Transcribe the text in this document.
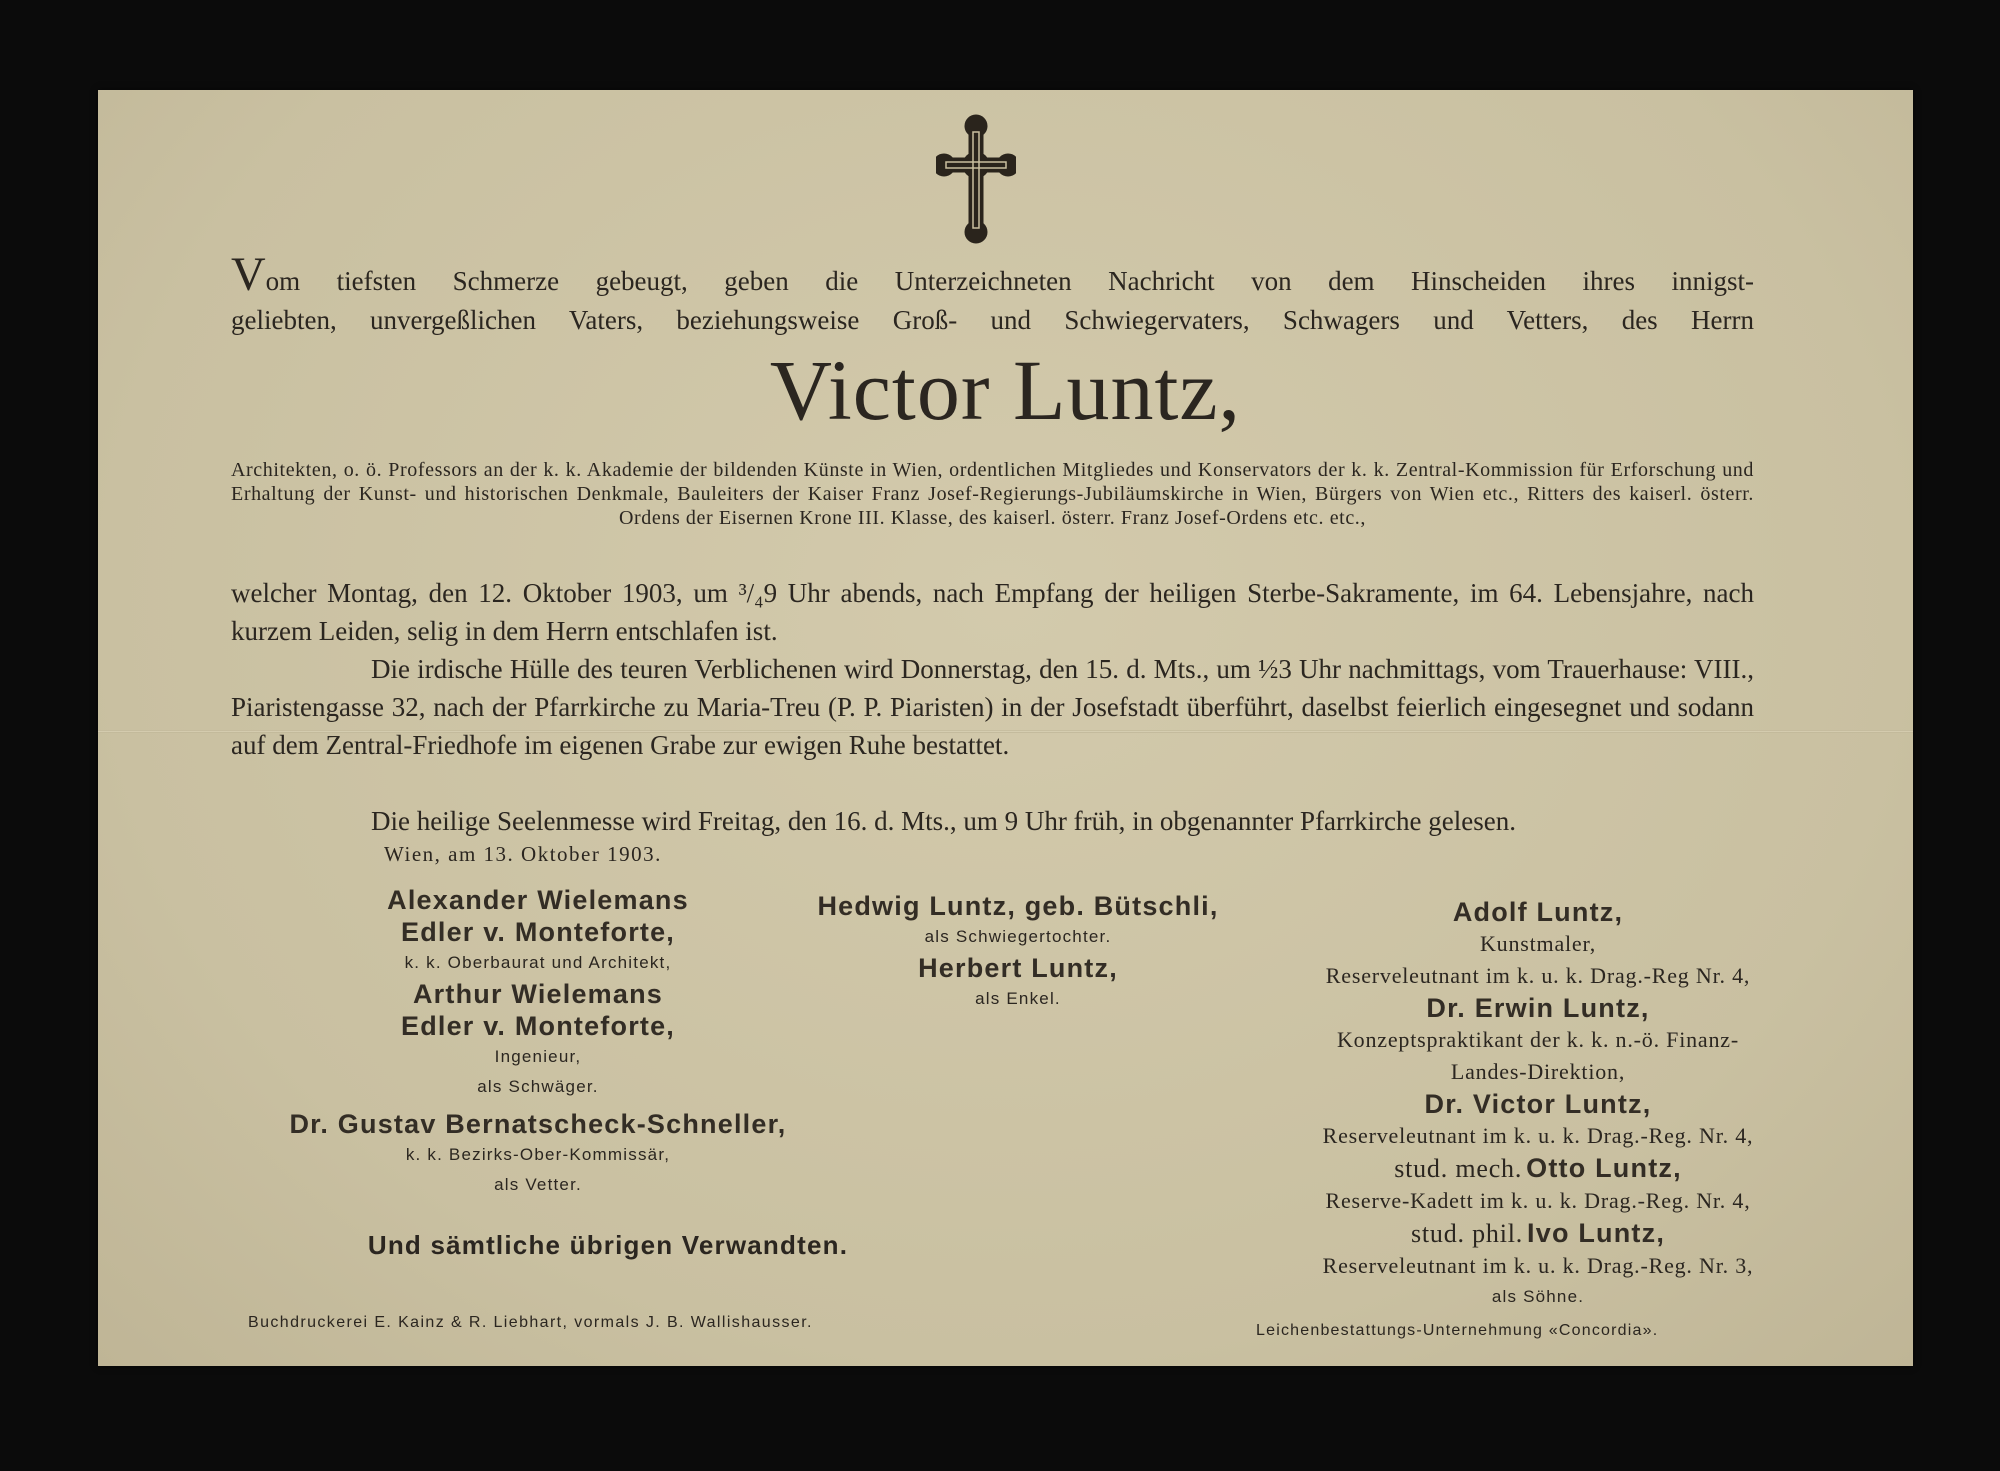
Vom tiefsten Schmerze gebeugt, geben die Unterzeichneten Nachricht von dem Hinscheiden ihres innigst-
geliebten, unvergeßlichen Vaters, beziehungsweise Groß- und Schwiegervaters, Schwagers und Vetters, des Herrn
Victor Luntz,
Architekten, o. ö. Professors an der k. k. Akademie der bildenden Künste in Wien, ordentlichen Mitgliedes und Konservators der k. k. Zentral-Kommission für Erforschung und Erhaltung der Kunst- und historischen Denkmale, Bauleiters der Kaiser Franz Josef-Regierungs-Jubiläumskirche in Wien, Bürgers von Wien etc., Ritters des kaiserl. österr. Ordens der Eisernen Krone III. Klasse, des kaiserl. österr. Franz Josef-Ordens etc. etc.,
welcher Montag, den 12. Oktober 1903, um ³/₄9 Uhr abends, nach Empfang der heiligen Sterbe-Sakramente, im 64. Lebensjahre, nach kurzem Leiden, selig in dem Herrn entschlafen ist.
Die irdische Hülle des teuren Verblichenen wird Donnerstag, den 15. d. Mts., um ½3 Uhr nachmittags, vom Trauerhause: VIII., Piaristengasse 32, nach der Pfarrkirche zu Maria-Treu (P. P. Piaristen) in der Josefstadt überführt, daselbst feierlich eingesegnet und sodann auf dem Zentral-Friedhofe im eigenen Grabe zur ewigen Ruhe bestattet.
Die heilige Seelenmesse wird Freitag, den 16. d. Mts., um 9 Uhr früh, in obgenannter Pfarrkirche gelesen.
Wien, am 13. Oktober 1903.
Alexander Wielemans
Edler v. Monteforte,
k. k. Oberbaurat und Architekt,
Arthur Wielemans
Edler v. Monteforte,
Ingenieur,
als Schwäger.
Dr. Gustav Bernatscheck-Schneller,
k. k. Bezirks-Ober-Kommissär,
als Vetter.
Hedwig Luntz, geb. Bütschli,
als Schwiegertochter.
Herbert Luntz,
als Enkel.
Adolf Luntz,
Kunstmaler,
Reserveleutnant im k. u. k. Drag.-Reg Nr. 4,
Dr. Erwin Luntz,
Konzeptspraktikant der k. k. n.-ö. Finanz-
Landes-Direktion,
Dr. Victor Luntz,
Reserveleutnant im k. u. k. Drag.-Reg. Nr. 4,
stud. mech. Otto Luntz,
Reserve-Kadett im k. u. k. Drag.-Reg. Nr. 4,
stud. phil. Ivo Luntz,
Reserveleutnant im k. u. k. Drag.-Reg. Nr. 3,
als Söhne.
Und sämtliche übrigen Verwandten.
Buchdruckerei E. Kainz & R. Liebhart, vormals J. B. Wallishausser.	Leichenbestattungs-Unternehmung «Concordia».
